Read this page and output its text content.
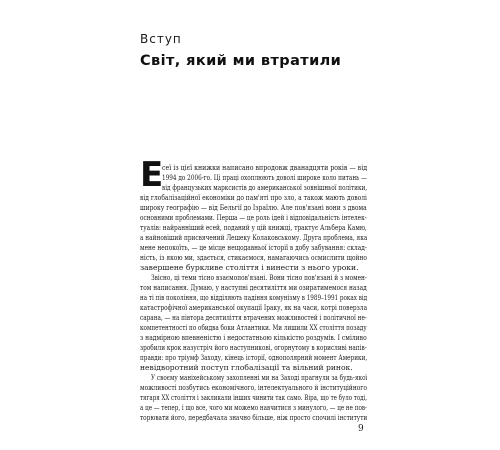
Вступ
Світ, який ми втратили
Е
сеї із цієї книжки написано впродовж дванадцяти років — від
1994 до 2006-го. Ці праці охоплюють доволі широке коло питань —
від французьких марксистів до американської зовнішньої політики,
від глобалізаційної економіки до пам'яті про зло, а також мають доволі
широку географію — від Бельгії до Ізраїлю. Але пов'язані вони з двома
основними проблемами. Перша — це роль ідей і відповідальність інтелек-
туалів: найранніший есей, поданий у цій книжці, трактує Альбера Камю,
а найновіший присвячений Лешеку Колаковському. Друга проблема, яка
мене непокоїть, — це місце нещодавньої історії в добу забування: склад-
ність, із якою ми, здається, стикаємося, намагаючись осмислити щойно
завершене буркливе століття і винести з нього уроки.
Звісно, ці теми тісно взаємопов'язані. Вони тісно пов'язані й з момен-
том написання. Думаю, у наступні десятиліття ми озиратимемося назад
на ті пів покоління, що відділяють падіння комунізму в 1989–1991 роках від
катастрофічної американської окупації Іраку, як на часи, котрі поверзла
сарана, — на півтора десятиліття втрачених можливостей і політичної не-
компетентності по обидва боки Атлантики. Ми лишили XX століття позаду
з надмірною впевненістю і недостатньою кількістю роздумів. І сміливо
зробили крок назустріч його наступникові, огорнутому в корисливі напів-
правди: про тріумф Заходу, кінець історії, однополярний момент Америки,
невідворотний поступ глобалізації та вільний ринок.
У своєму маніхейському захопленні ми на Заході прагнули за будь-якої
можливості позбутись економічного, інтелектуального й інституційного
тягаря XX століття і закликали інших чинити так само. Віра, що те було тоді,
а це — тепер, і що все, чого ми можемо навчитися з минулого, — це не пов-
торювати його, передбачала значно більше, ніж просто спочилі інститути
9
